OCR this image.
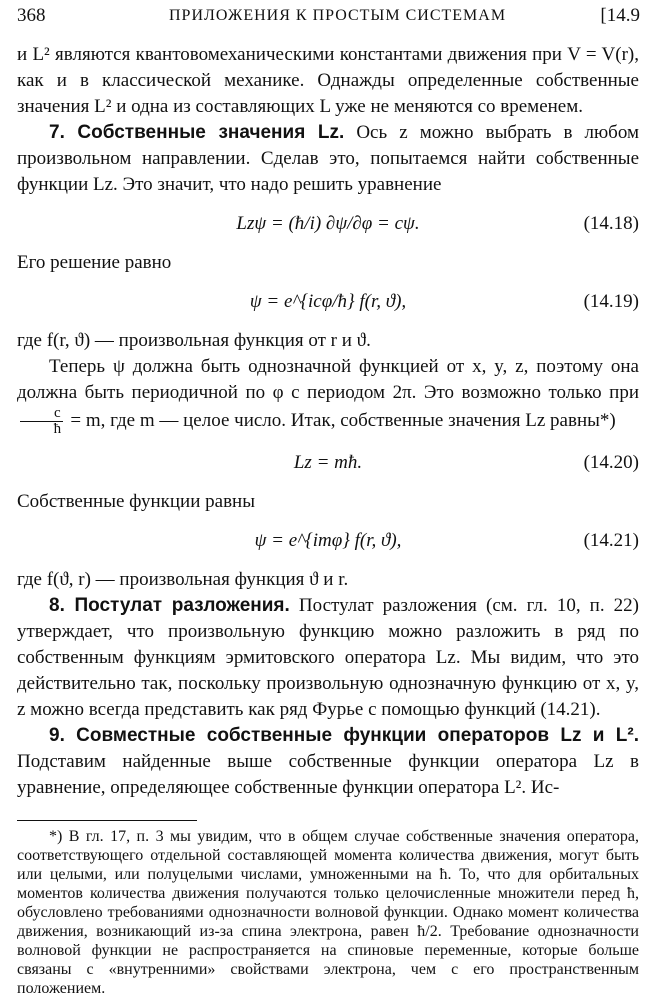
368	ПРИЛОЖЕНИЯ К ПРОСТЫМ СИСТЕМАМ	[14.9

и L² являются квантовомеханическими константами движения при V = V(r), как и в классической механике. Однажды определенные собственные значения L² и одна из составляющих L уже не меняются со временем.

7. Собственные значения Lz. Ось z можно выбрать в любом произвольном направлении. Сделав это, попытаемся найти собственные функции Lz. Это значит, что надо решить уравнение

Lzψ = (ħ/i) ∂ψ/∂φ = cψ.	(14.18)

Его решение равно

ψ = e^{icφ/ħ} f(r, ϑ),	(14.19)

где f(r, ϑ) — произвольная функция от r и ϑ.

Теперь ψ должна быть однозначной функцией от x, y, z, поэтому она должна быть периодичной по φ с периодом 2π. Это возможно только при
$\frac{c}{ħ} = m$, где m — целое число. Итак, собственные значения Lz равны*)

Lz = mħ.	(14.20)

Собственные функции равны

ψ = e^{imφ} f(r, ϑ),	(14.21)

где f(ϑ, r) — произвольная функция ϑ и r.

8. Постулат разложения. Постулат разложения (см. гл. 10, п. 22) утверждает, что произвольную функцию можно разложить в ряд по собственным функциям эрмитовского оператора Lz. Мы видим, что это действительно так, поскольку произвольную однозначную функцию от x, y, z можно всегда представить как ряд Фурье с помощью функций (14.21).

9. Совместные собственные функции операторов Lz и L². Подставим найденные выше собственные функции оператора Lz в уравнение, определяющее собственные функции оператора L². Ис-

*) В гл. 17, п. 3 мы увидим, что в общем случае собственные значения оператора, соответствующего отдельной составляющей момента количества движения, могут быть или целыми, или полуцелыми числами, умноженными на ħ. То, что для орбитальных моментов количества движения получаются только целочисленные множители перед ħ, обусловлено требованиями однозначности волновой функции. Однако момент количества движения, возникающий из-за спина электрона, равен ħ/2. Требование однозначности волновой функции не распространяется на спиновые переменные, которые больше связаны с «внутренними» свойствами электрона, чем с его пространственным положением.
